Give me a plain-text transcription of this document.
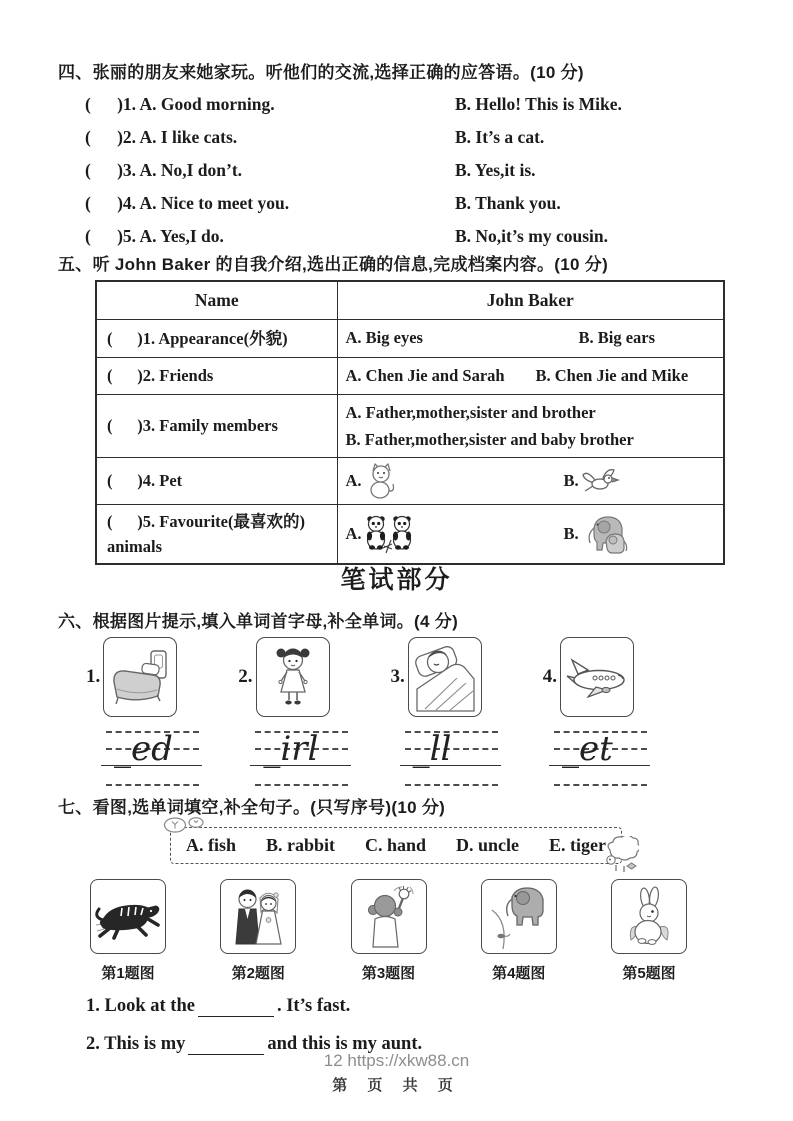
四、张丽的朋友来她家玩。听他们的交流,选择正确的应答语。(10 分)
(      )1. A. Good morning.	B. Hello! This is Mike.
(      )2. A. I like cats.	B. It’s a cat.
(      )3. A. No,I don’t.	B. Yes,it is.
(      )4. A. Nice to meet you.	B. Thank you.
(      )5. A. Yes,I do.	B. No,it’s my cousin.
五、听 John Baker 的自我介绍,选出正确的信息,完成档案内容。(10 分)
Name	John Baker
(      )1. Appearance(外貌)	A. Big eyes B. Big ears
(      )2. Friends	A. Chen Jie and Sarah B. Chen Jie and Mike
(      )3. Family members	A. Father,mother,sister and brother
B. Father,mother,sister and baby brother

(      )4. Pet	A. B.

(      )5. Favourite(最喜欢的) animals	A. B.
笔试部分
六、根据图片提示,填入单词首字母,补全单词。(4 分)
1.	2.	3.	4.
_ed	_irl	_ll	_et
七、看图,选单词填空,补全句子。(只写序号)(10 分)
A. fish B. rabbit C. hand D. uncle E. tiger
第1题图	第2题图	第3题图	第4题图	第5题图
1. Look at the	. It’s fast.
2. This is my	and this is my aunt.
12 https://xkw88.cn
第 页 共 页
